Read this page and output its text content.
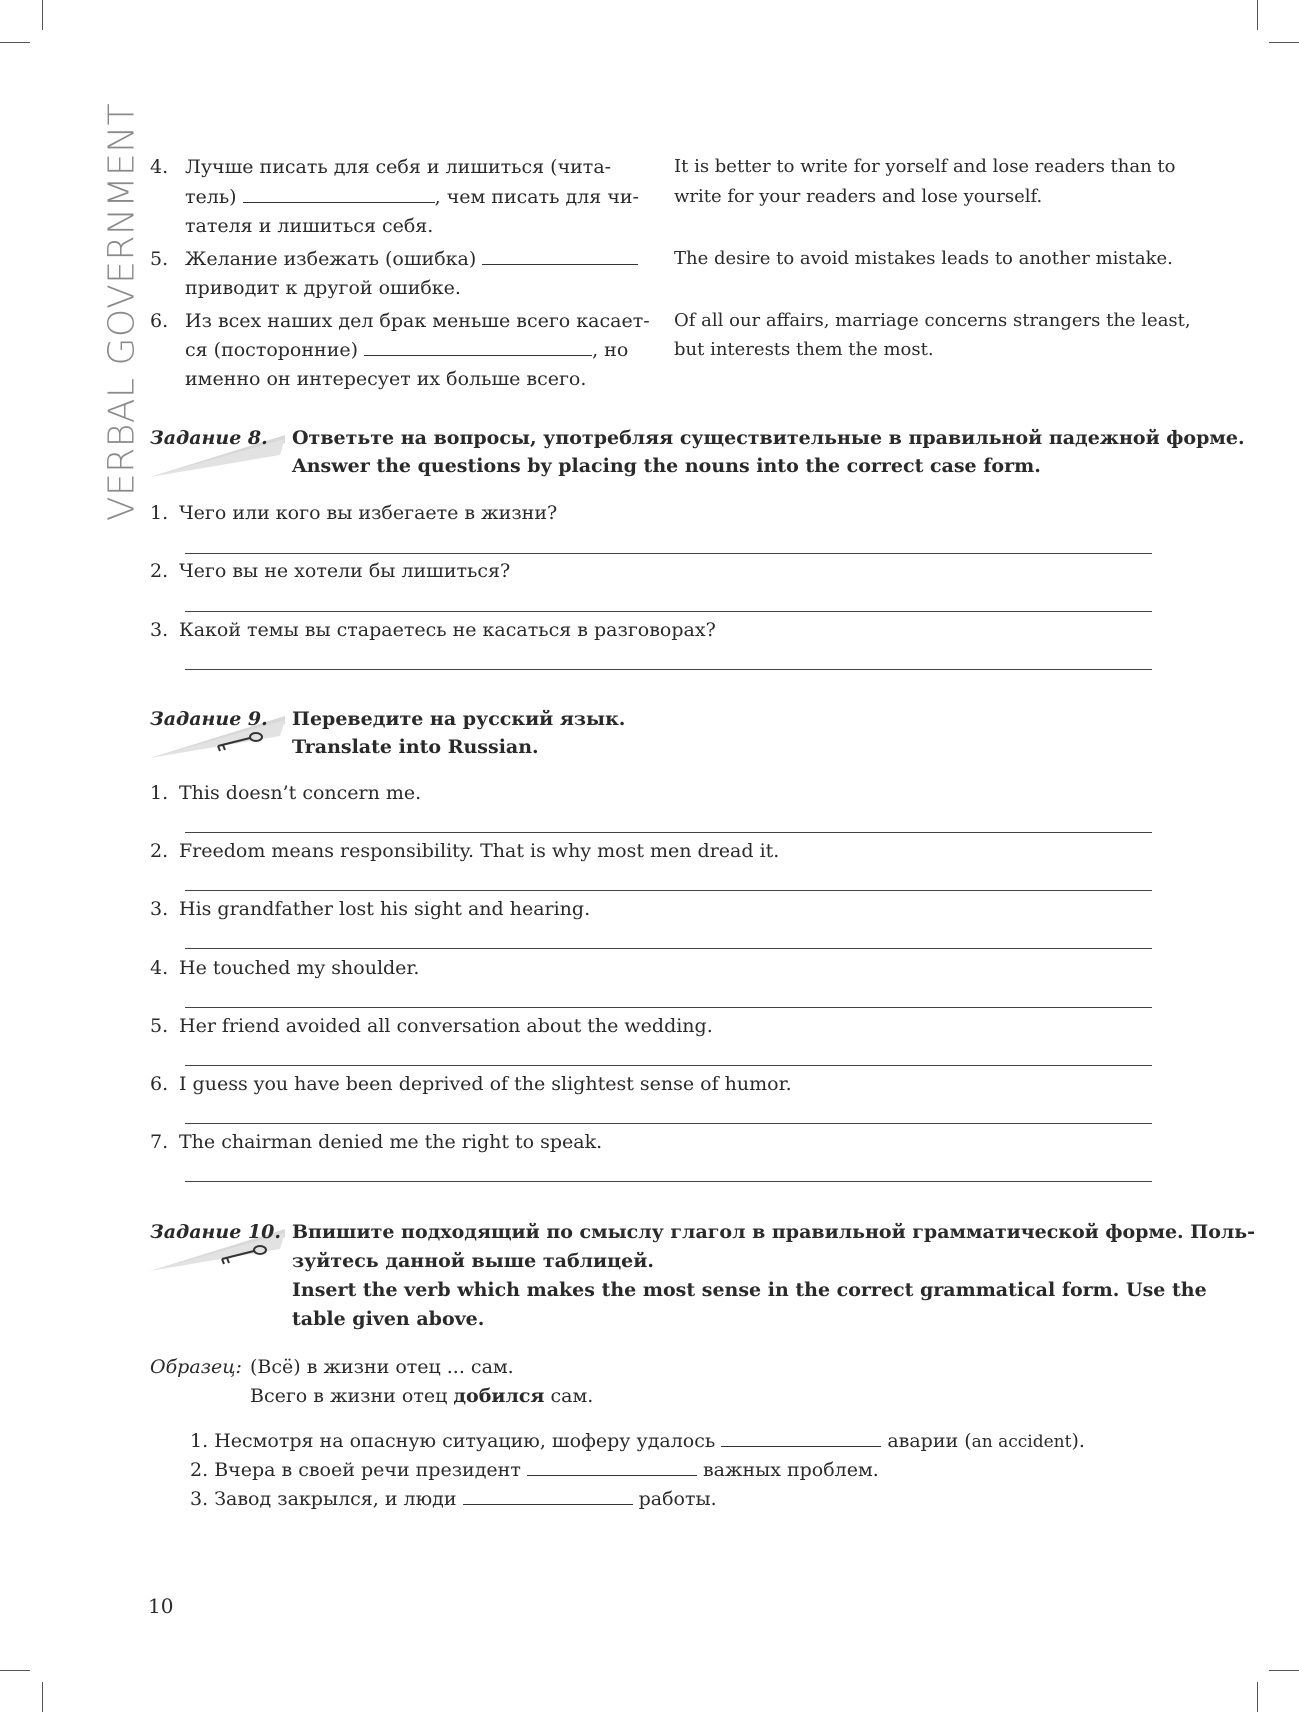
VERBAL GOVERNMENT 4. Лучше писать для себя и лишиться (чита-
тель)	, чем писать для чи-
тателя и лишиться себя.
It is better to write for yorself and lose readers than to
write for your readers and lose yourself.
5. Желание избежать (ошибка)
приводит к другой ошибке.
The desire to avoid mistakes leads to another mistake.
6. Из всех наших дел брак меньше всего касает-
ся (посторонние)	, но
именно он интересует их больше всего.
Of all our affairs, marriage concerns strangers the least,
but interests them the most.
Задание 8. Ответьте на вопросы, употребляя существительные в правильной падежной форме.
Answer the questions by placing the nouns into the correct case form.
1. Чего или кого вы избегаете в жизни?
2. Чего вы не хотели бы лишиться?
3. Какой темы вы стараетесь не касаться в разговорах?
Задание 9. Переведите на русский язык.
Translate into Russian.
1. This doesn’t concern me.
2. Freedom means responsibility. That is why most men dread it.
3. His grandfather lost his sight and hearing.
4. He touched my shoulder.
5. Her friend avoided all conversation about the wedding.
6. I guess you have been deprived of the slightest sense of humor.
7. The chairman denied me the right to speak.
Задание 10. Впишите подходящий по смыслу глагол в правильной грамматической форме. Поль-
зуйтесь данной выше таблицей.
Insert the verb which makes the most sense in the correct grammatical form. Use the
table given above.
Образец: (Всё) в жизни отец ... сам.
Всего в жизни отец добился сам.
1. Несмотря на опасную ситуацию, шоферу удалось	аварии (an accident).
2. Вчера в своей речи президент	важных проблем.
3. Завод закрылся, и люди	работы.
10
